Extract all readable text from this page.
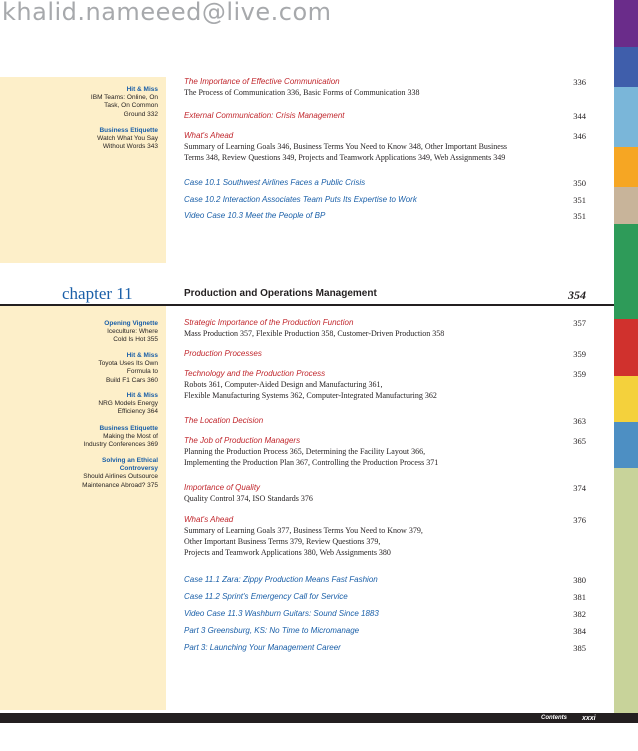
khalid.nameeed@live.com
Hit & Miss
IBM Teams: Online, On
Task, On Common
Ground 332
Business Etiquette
Watch What You Say
Without Words 343
The Importance of Effective Communication	336
The Process of Communication 336, Basic Forms of Communication 338
External Communication: Crisis Management	344
What's Ahead	346
Summary of Learning Goals 346, Business Terms You Need to Know 348, Other Important Business
Terms 348, Review Questions 349, Projects and Teamwork Applications 349, Web Assignments 349
Case 10.1 Southwest Airlines Faces a Public Crisis	350
Case 10.2 Interaction Associates Team Puts Its Expertise to Work	351
Video Case 10.3 Meet the People of BP	351
chapter 11	Production and Operations Management	354
Opening Vignette
Iceculture: Where
Cold Is Hot 355
Hit & Miss
Toyota Uses Its Own
Formula to
Build F1 Cars 360
Hit & Miss
NRG Models Energy
Efficiency 364
Business Etiquette
Making the Most of
Industry Conferences 369
Solving an Ethical
Controversy
Should Airlines Outsource
Maintenance Abroad? 375
Strategic Importance of the Production Function	357
Mass Production 357, Flexible Production 358, Customer-Driven Production 358
Production Processes	359
Technology and the Production Process	359
Robots 361, Computer-Aided Design and Manufacturing 361,
Flexible Manufacturing Systems 362, Computer-Integrated Manufacturing 362
The Location Decision	363
The Job of Production Managers	365
Planning the Production Process 365, Determining the Facility Layout 366,
Implementing the Production Plan 367, Controlling the Production Process 371
Importance of Quality	374
Quality Control 374, ISO Standards 376
What's Ahead	376
Summary of Learning Goals 377, Business Terms You Need to Know 379,
Other Important Business Terms 379, Review Questions 379,
Projects and Teamwork Applications 380, Web Assignments 380
Case 11.1 Zara: Zippy Production Means Fast Fashion	380
Case 11.2 Sprint's Emergency Call for Service	381
Video Case 11.3 Washburn Guitars: Sound Since 1883	382
Part 3 Greensburg, KS: No Time to Micromanage	384
Part 3: Launching Your Management Career	385
Contents xxxi
